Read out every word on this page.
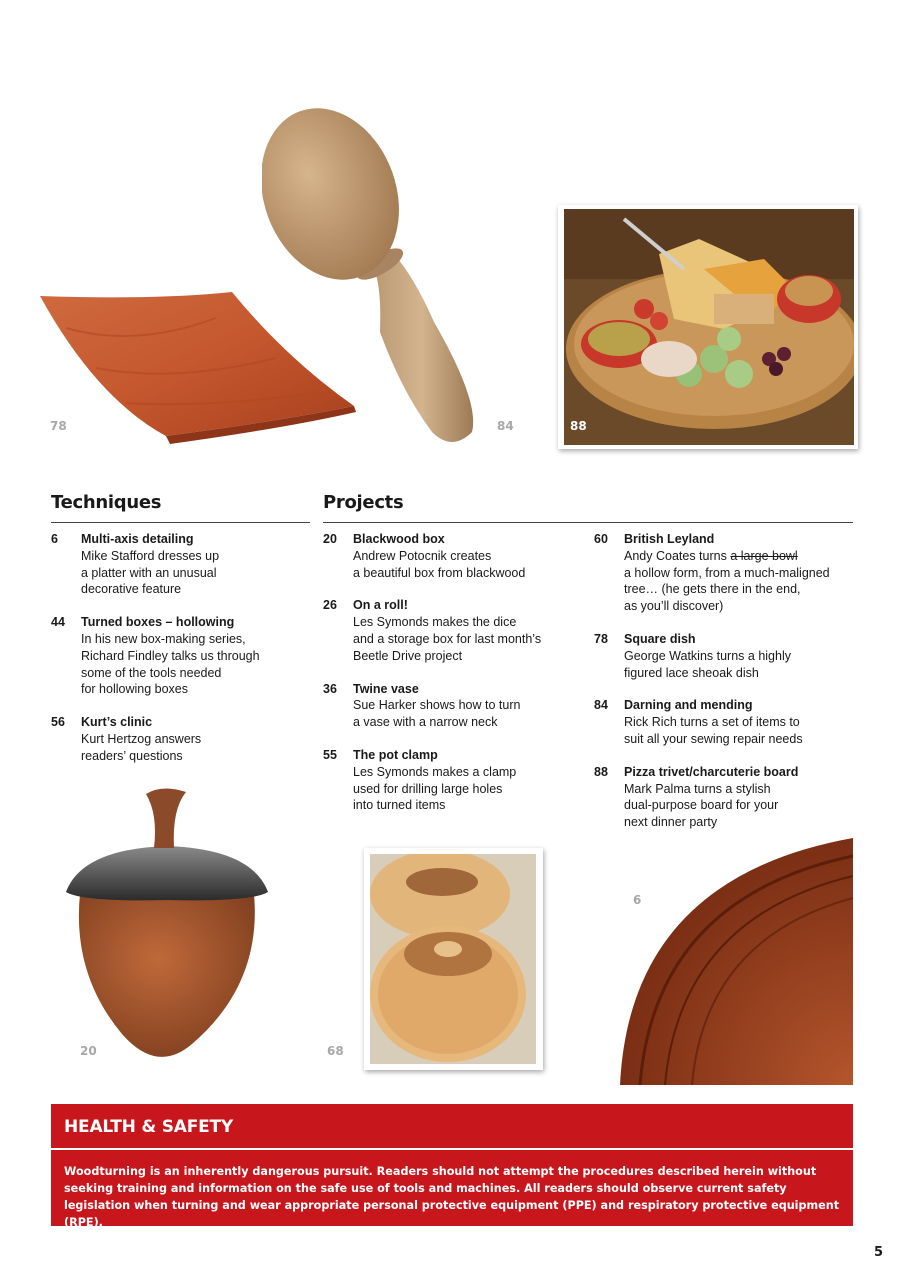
78	84	88
Techniques	Projects
6 Multi-axis detailing
Mike Stafford dresses up
a platter with an unusual
decorative feature
44 Turned boxes – hollowing
In his new box-making series,
Richard Findley talks us through
some of the tools needed
for hollowing boxes
56 Kurt’s clinic
Kurt Hertzog answers
readers’ questions
20 Blackwood box
Andrew Potocnik creates
a beautiful box from blackwood
26 On a roll!
Les Symonds makes the dice
and a storage box for last month’s
Beetle Drive project
36 Twine vase
Sue Harker shows how to turn
a vase with a narrow neck
55 The pot clamp
Les Symonds makes a clamp
used for drilling large holes
into turned items
60 British Leyland
Andy Coates turns a large bowl
a hollow form, from a much-maligned
tree… (he gets there in the end,
as you’ll discover)
78 Square dish
George Watkins turns a highly
figured lace sheoak dish
84 Darning and mending
Rick Rich turns a set of items to
suit all your sewing repair needs
88 Pizza trivet/charcuterie board
Mark Palma turns a stylish
dual-purpose board for your
next dinner party
20	68
6
HEALTH & SAFETY
Woodturning is an inherently dangerous pursuit. Readers should not attempt the procedures described herein without seeking training and information on the safe use of tools and machines. All readers should observe current safety legislation when turning and wear appropriate personal protective equipment (PPE) and respiratory protective equipment (RPE).
5
